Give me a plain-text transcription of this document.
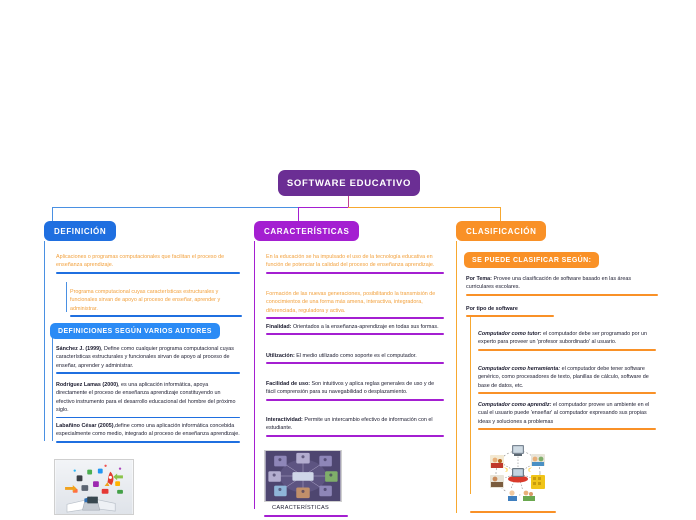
SOFTWARE EDUCATIVO
DEFINICIÓN	CARACTERÍSTICAS	CLASIFICACIÓN

Aplicaciones o programas computacionales que facilitan el proceso de enseñanza aprendizaje.

Programa computacional cuyas características estructurales y funcionales sirvan de apoyo al proceso de enseñar, aprender y administrar.

DEFINICIONES SEGÚN VARIOS AUTORES

Sánchez J. (1999), Define como cualquier programa computacional cuyas características estructurales y funcionales sirvan de apoyo al proceso de enseñar, aprender y administrar.

Rodríguez Lamas (2000), es una aplicación informática, apoya directamente el proceso de enseñanza aprendizaje constituyendo un efectivo instrumento para el desarrollo educacional del hombre del próximo siglo.

Labañino César (2005),define como una aplicación informática concebida especialmente como medio, integrado al proceso de enseñanza aprendizaje.

En la educación se ha impulsado el uso de la tecnología educativa en función de potenciar la calidad del proceso de enseñanza aprendizaje.

Formación de las nuevas generaciones, posibilitando la transmisión de conocimientos de una forma más amena, interactiva, integradora, diferenciada, reguladora y activa.

Finalidad: Orientados a la enseñanza-aprendizaje en todas sus formas.

Utilización: El medio utilizado como soporte es el computador.

Facilidad de uso: Son intuitivos y aplica reglas generales de uso y de fácil comprensión para su navegabilidad o desplazamiento.

Interactividad: Permite un intercambio efectivo de información con el estudiante.

CARACTERÍSTICAS
SE PUEDE CLASIFICAR SEGÚN:

Por Tema: Provee una clasificación de software basado en las áreas curriculares escolares.

Por tipo de software

Computador como tutor: el computador debe ser programado por un experto para proveer un 'profesor subordinado' al usuario.

Computador como herramienta: el computador debe tener software genérico, como procesadores de texto, planillas de cálculo, software de base de datos, etc.

Computador como aprendiz: el computador provee un ambiente en el cual el usuario puede 'enseñar' al computador expresando sus propias ideas y soluciones a problemas
